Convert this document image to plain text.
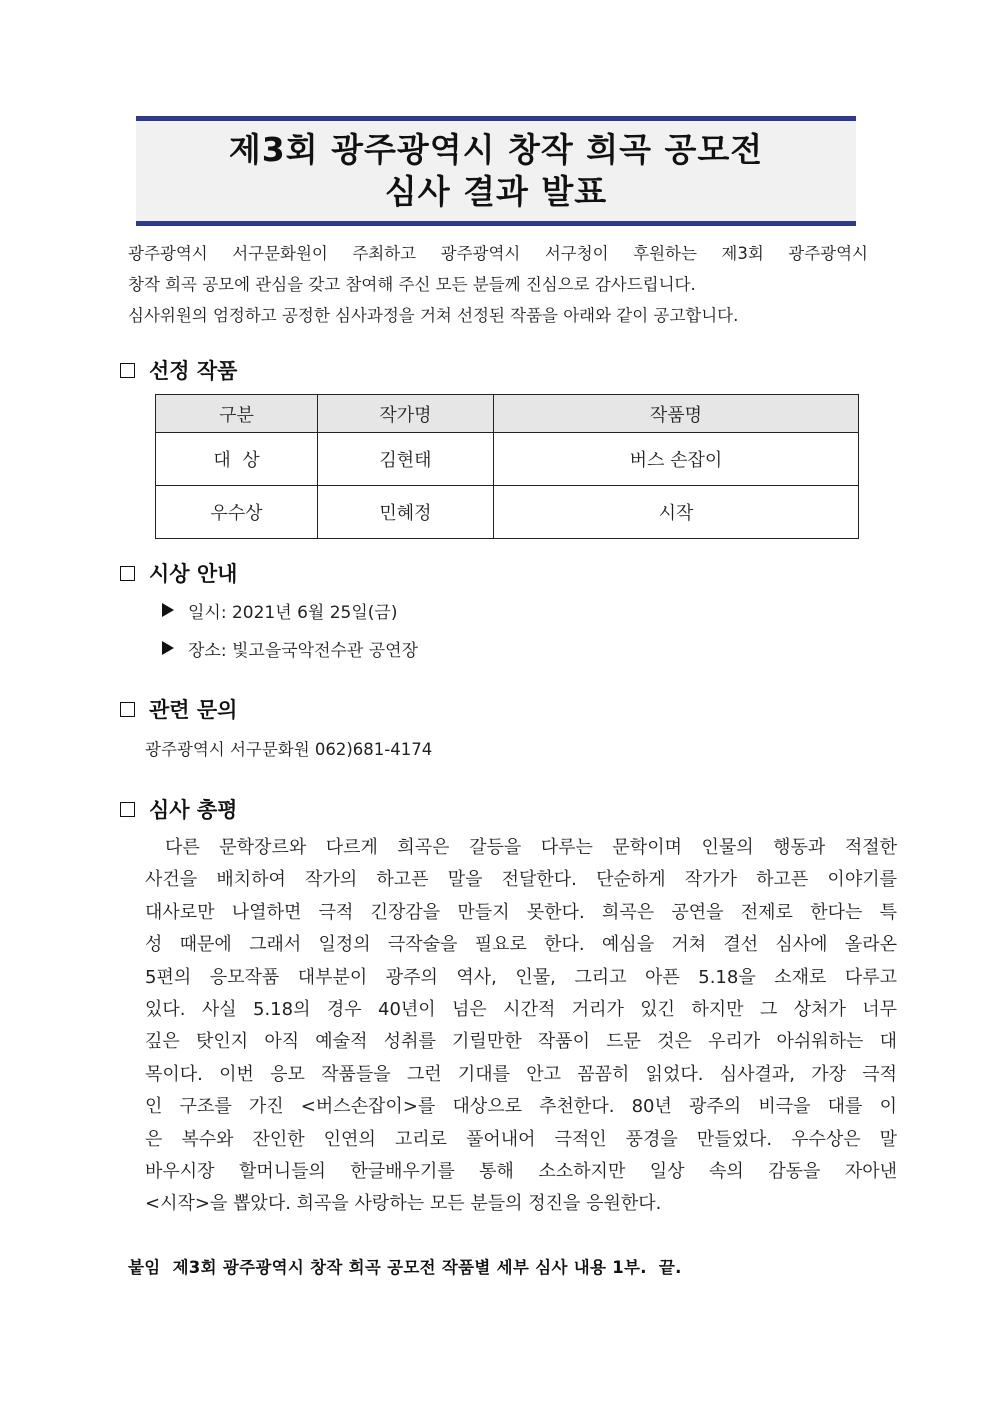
제3회 광주광역시 창작 희곡 공모전
심사 결과 발표

광주광역시 서구문화원이 주최하고 광주광역시 서구청이 후원하는 제3회 광주광역시

창작 희곡 공모에 관심을 갖고 참여해 주신 모든 분들께 진심으로 감사드립니다.

심사위원의 엄정하고 공정한 심사과정을 거쳐 선정된 작품을 아래와 같이 공고합니다.

선정 작품
구분	작가명	작품명
대  상	김현태	버스 손잡이
우수상	민혜정	시작
시상 안내
일시: 2021년 6월 25일(금)
장소: 빛고을국악전수관 공연장
관련 문의
광주광역시 서구문화원 062)681-4174
심사 총평

다른 문학장르와 다르게 희곡은 갈등을 다루는 문학이며 인물의 행동과 적절한

사건을 배치하여 작가의 하고픈 말을 전달한다. 단순하게 작가가 하고픈 이야기를

대사로만 나열하면 극적 긴장감을 만들지 못한다. 희곡은 공연을 전제로 한다는 특

성 때문에 그래서 일정의 극작술을 필요로 한다. 예심을 거쳐 결선 심사에 올라온

5편의 응모작품 대부분이 광주의 역사, 인물, 그리고 아픈 5.18을 소재로 다루고

있다. 사실 5.18의 경우 40년이 넘은 시간적 거리가 있긴 하지만 그 상처가 너무

깊은 탓인지 아직 예술적 성취를 기릴만한 작품이 드문 것은 우리가 아쉬워하는 대

목이다. 이번 응모 작품들을 그런 기대를 안고 꼼꼼히 읽었다. 심사결과, 가장 극적

인 구조를 가진 <버스손잡이>를 대상으로 추천한다. 80년 광주의 비극을 대를 이

은 복수와 잔인한 인연의 고리로 풀어내어 극적인 풍경을 만들었다. 우수상은 말

바우시장 할머니들의 한글배우기를 통해 소소하지만 일상 속의 감동을 자아낸

<시작>을 뽑았다. 희곡을 사랑하는 모든 분들의 정진을 응원한다.

붙임  제3회 광주광역시 창작 희곡 공모전 작품별 세부 심사 내용 1부.  끝.
